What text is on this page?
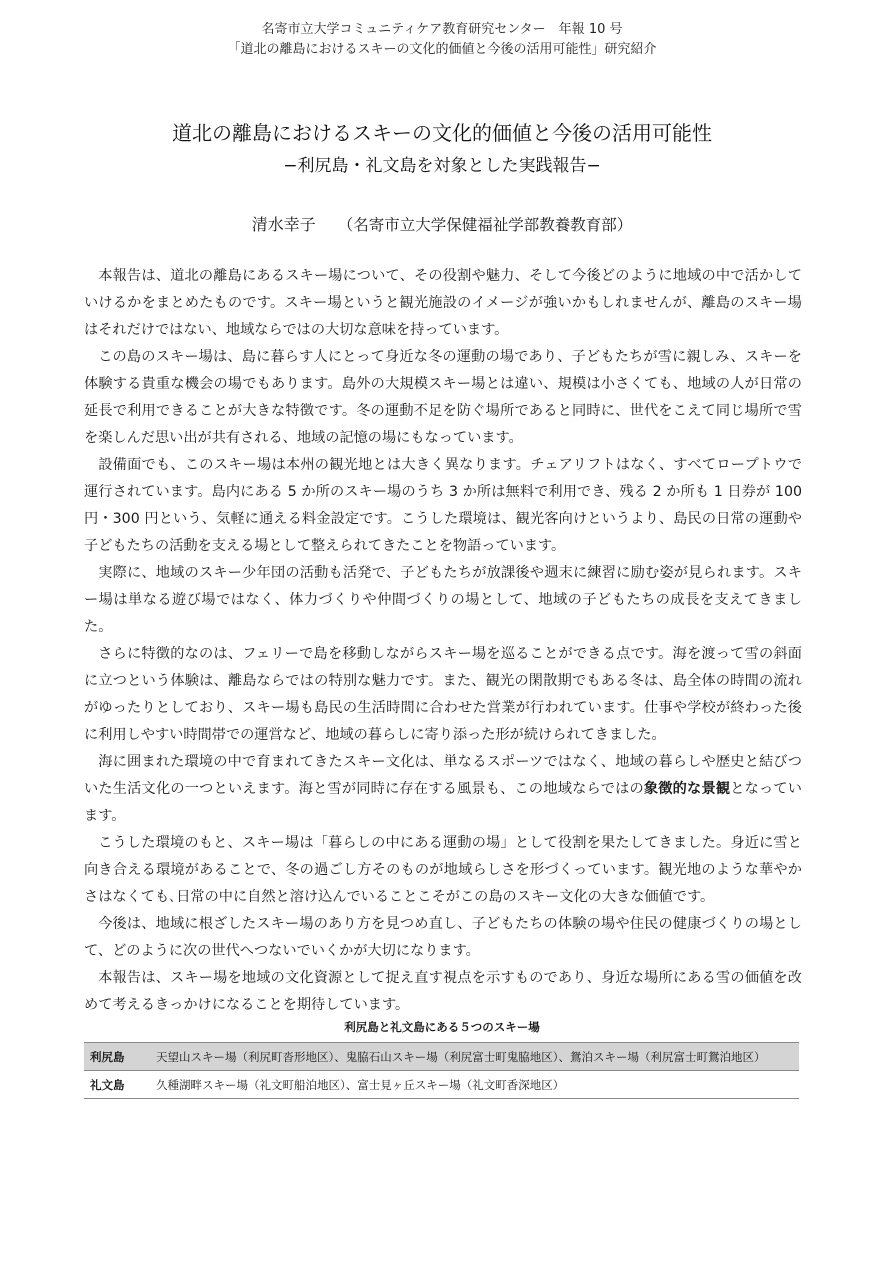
名寄市立大学コミュニティケア教育研究センター　年報 10 号
「道北の離島におけるスキーの文化的価値と今後の活用可能性」研究紹介
道北の離島におけるスキーの文化的価値と今後の活用可能性
−利尻島・礼文島を対象とした実践報告−
清水幸子 （名寄市立大学保健福祉学部教養教育部）

本報告は、道北の離島にあるスキー場について、その役割や魅力、そして今後どのように地域の中で活かしていけるかをまとめたものです。スキー場というと観光施設のイメージが強いかもしれませんが、離島のスキー場はそれだけではない、地域ならではの大切な意味を持っています。

この島のスキー場は、島に暮らす人にとって身近な冬の運動の場であり、子どもたちが雪に親しみ、スキーを体験する貴重な機会の場でもあります。島外の大規模スキー場とは違い、規模は小さくても、地域の人が日常の延長で利用できることが大きな特徴です。冬の運動不足を防ぐ場所であると同時に、世代をこえて同じ場所で雪を楽しんだ思い出が共有される、地域の記憶の場にもなっています。

設備面でも、このスキー場は本州の観光地とは大きく異なります。チェアリフトはなく、すべてロープトウで運行されています。島内にある 5 か所のスキー場のうち 3 か所は無料で利用でき、残る 2 か所も 1 日券が 100 円・300 円という、気軽に通える料金設定です。こうした環境は、観光客向けというより、島民の日常の運動や子どもたちの活動を支える場として整えられてきたことを物語っています。

実際に、地域のスキー少年団の活動も活発で、子どもたちが放課後や週末に練習に励む姿が見られます。スキー場は単なる遊び場ではなく、体力づくりや仲間づくりの場として、地域の子どもたちの成長を支えてきました。

さらに特徴的なのは、フェリーで島を移動しながらスキー場を巡ることができる点です。海を渡って雪の斜面に立つという体験は、離島ならではの特別な魅力です。また、観光の閑散期でもある冬は、島全体の時間の流れがゆったりとしており、スキー場も島民の生活時間に合わせた営業が行われています。仕事や学校が終わった後に利用しやすい時間帯での運営など、地域の暮らしに寄り添った形が続けられてきました。

海に囲まれた環境の中で育まれてきたスキー文化は、単なるスポーツではなく、地域の暮らしや歴史と結びついた生活文化の一つといえます。海と雪が同時に存在する風景も、この地域ならではの象徴的な景観となっています。

こうした環境のもと、スキー場は「暮らしの中にある運動の場」として役割を果たしてきました。身近に雪と向き合える環境があることで、冬の過ごし方そのものが地域らしさを形づくっています。観光地のような華やかさはなくても､日常の中に自然と溶け込んでいることこそがこの島のスキー文化の大きな価値です。

今後は、地域に根ざしたスキー場のあり方を見つめ直し、子どもたちの体験の場や住民の健康づくりの場として、どのように次の世代へつないでいくかが大切になります。

本報告は、スキー場を地域の文化資源として捉え直す視点を示すものであり、身近な場所にある雪の価値を改めて考えるきっかけになることを期待しています。

利尻島と礼文島にある５つのスキー場
利尻島	天望山スキー場（利尻町沓形地区）、鬼脇石山スキー場（利尻富士町鬼脇地区）、鴛泊スキー場（利尻富士町鴛泊地区）
礼文島	久種湖畔スキー場（礼文町船泊地区）、富士見ヶ丘スキー場（礼文町香深地区）
